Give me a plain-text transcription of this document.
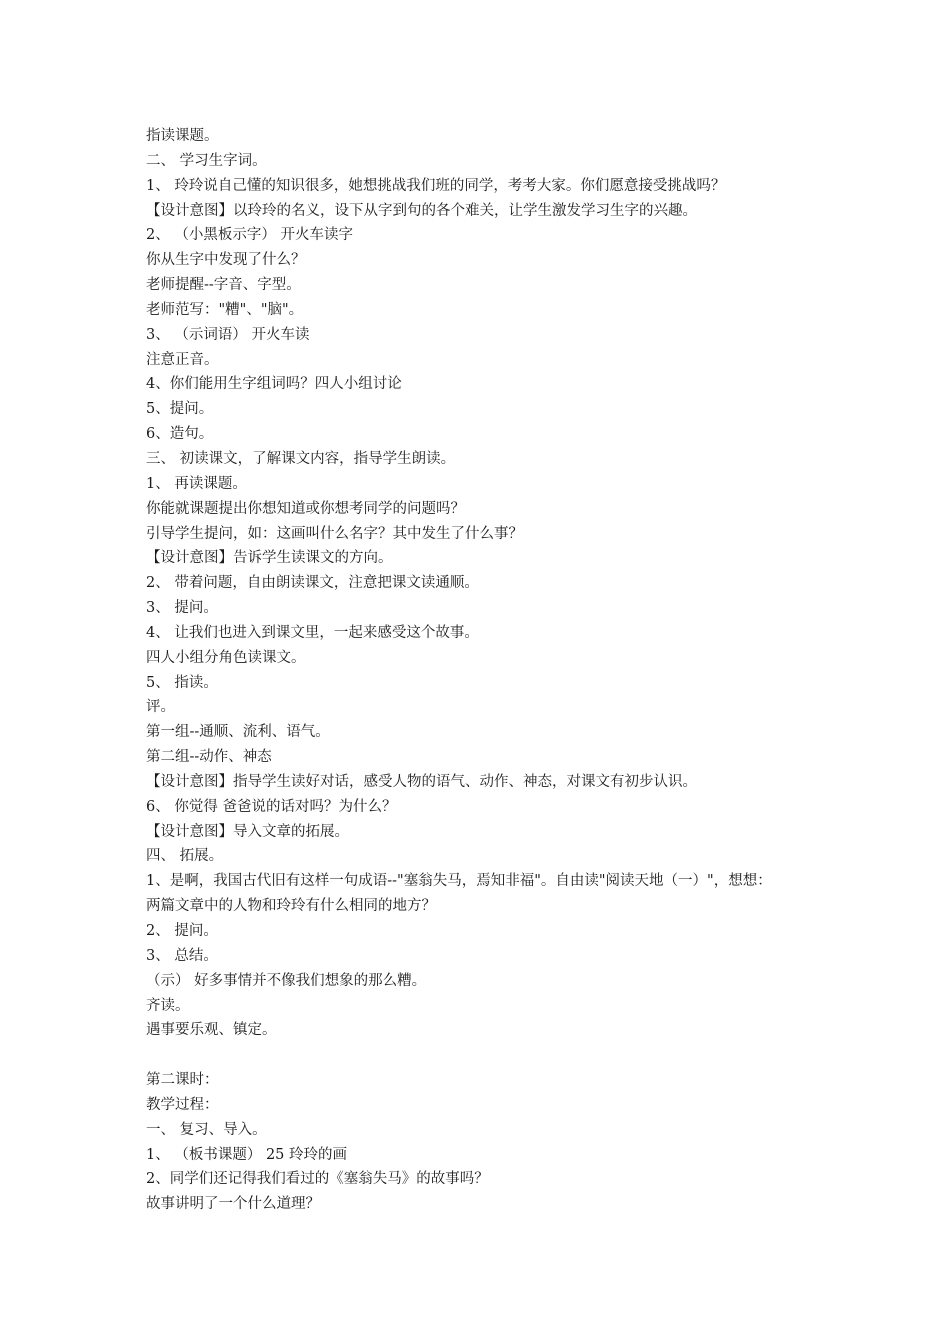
指读课题。
二、 学习生字词。
1、 玲玲说自己懂的知识很多，她想挑战我们班的同学，考考大家。你们愿意接受挑战吗？
【设计意图】以玲玲的名义，设下从字到句的各个难关，让学生激发学习生字的兴趣。
2、 （小黑板示字） 开火车读字
你从生字中发现了什么？
老师提醒--字音、字型。
老师范写："糟"、"脑"。
3、 （示词语） 开火车读
注意正音。
4、你们能用生字组词吗？四人小组讨论
5、提问。
6、造句。
三、 初读课文，了解课文内容，指导学生朗读。
1、 再读课题。
你能就课题提出你想知道或你想考同学的问题吗？
引导学生提问，如：这画叫什么名字？其中发生了什么事？
【设计意图】告诉学生读课文的方向。
2、 带着问题，自由朗读课文，注意把课文读通顺。
3、 提问。
4、 让我们也进入到课文里，一起来感受这个故事。
四人小组分角色读课文。
5、 指读。
评。
第一组--通顺、流利、语气。
第二组--动作、神态
【设计意图】指导学生读好对话，感受人物的语气、动作、神态，对课文有初步认识。
6、 你觉得 爸爸说的话对吗？为什么？
【设计意图】导入文章的拓展。
四、 拓展。
1、是啊，我国古代旧有这样一句成语--"塞翁失马，焉知非福"。自由读"阅读天地（一）"，想想：
两篇文章中的人物和玲玲有什么相同的地方？
2、 提问。
3、 总结。
（示） 好多事情并不像我们想象的那么糟。
齐读。
遇事要乐观、镇定。
第二课时：
教学过程：
一、 复习、导入。
1、 （板书课题） 25 玲玲的画
2、同学们还记得我们看过的《塞翁失马》的故事吗？
故事讲明了一个什么道理？
